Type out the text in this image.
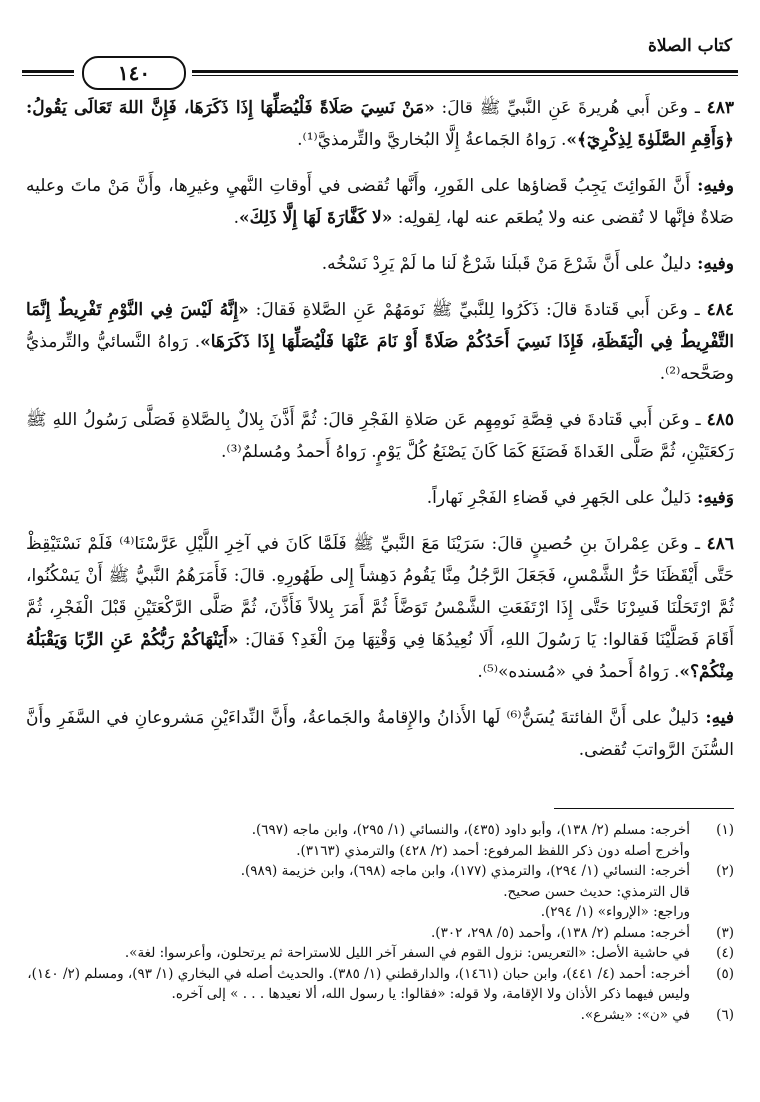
كتاب الصلاة
١٤٠

٤٨٣ ـ وعَن أَبي هُريرةَ عَنِ النَّبيِّ ﷺ قالَ: «مَنْ نَسِيَ صَلَاةً فَلْيُصَلِّهَا إِذَا ذَكَرَهَا، فَإِنَّ اللهَ تَعَالَى يَقُولُ: ﴿وَأَقِمِ الصَّلَوٰةَ لِذِكْرِيٓ﴾». رَواهُ الجَماعةُ إِلَّا البُخاريَّ والتِّرمذيَّ⁽¹⁾.

وفيهِ: أَنَّ الفَوائِتَ يَجِبُ قَضاؤها على الفَورِ، وأَنَّها تُقضى في أَوقاتِ النَّهيِ وغيرِها، وأَنَّ مَنْ ماتَ وعليه صَلاةٌ فإنَّها لا تُقضى عنه ولا يُطعَم عنه لها، لِقولِه: «لا كَفَّارَةَ لَهَا إِلَّا ذَلِكَ».

وفيهِ: دليلٌ على أَنَّ شَرْعَ مَنْ قَبلَنا شَرْعٌ لَنا ما لَمْ يَرِدْ نَسْخُه.

٤٨٤ ـ وعَن أَبي قَتادةَ قالَ: ذَكَرُوا لِلنَّبيِّ ﷺ نَومَهُمْ عَنِ الصَّلاةِ فَقالَ: «إِنَّهُ لَيْسَ فِي النَّوْمِ تَفْرِيطٌ إِنَّمَا التَّفْرِيطُ فِي الْيَقَظَةِ، فَإِذَا نَسِيَ أَحَدُكُمْ صَلَاةً أَوْ نَامَ عَنْهَا فَلْيُصَلِّهَا إِذَا ذَكَرَهَا». رَواهُ النَّسائيُّ والتِّرمذيُّ وصَحَّحه⁽²⁾.

٤٨٥ ـ وعَن أَبي قَتادةَ في قِصَّةِ نَومِهِم عَن صَلاةِ الفَجْرِ قالَ: ثُمَّ أَذَّنَ بِلالٌ بِالصَّلاةِ فَصَلَّى رَسُولُ اللهِ ﷺ رَكعَتَيْنِ، ثُمَّ صَلَّى الغَداةَ فَصَنَعَ كَمَا كَانَ يَصْنَعُ كُلَّ يَوْمٍ. رَواهُ أَحمدُ ومُسلمٌ⁽³⁾.

وَفيهِ: دَليلٌ على الجَهرِ في قَضاءِ الفَجْرِ نَهاراً.

٤٨٦ ـ وعَن عِمْرانَ بنِ حُصينٍ قالَ: سَرَيْنَا مَعَ النَّبيِّ ﷺ فَلَمَّا كَانَ في آخِرِ اللَّيْلِ عَرَّسْنَا⁽⁴⁾ فَلَمْ نَسْتَيْقِظْ حَتَّى أَيْقَظَنَا حَرُّ الشَّمْسِ، فَجَعَلَ الرَّجُلُ مِنَّا يَقُومُ دَهِشاً إِلى طَهُورِهِ. قالَ: فَأَمَرَهُمُ النَّبيُّ ﷺ أَنْ يَسْكُنُوا، ثُمَّ ارْتَحَلْنَا فَسِرْنَا حَتَّى إِذَا ارْتَفَعَتِ الشَّمْسُ تَوَضَّأَ ثُمَّ أَمَرَ بِلالاً فَأَذَّنَ، ثُمَّ صَلَّى الرَّكْعَتَيْنِ قَبْلَ الْفَجْرِ، ثُمَّ أَقَامَ فَصَلَّيْنَا فَقالوا: يَا رَسُولَ اللهِ، أَلَا نُعِيدُهَا فِي وَقْتِهَا مِنَ الْغَدِ؟ فَقالَ: «أَيَنْهَاكُمْ رَبُّكُمْ عَنِ الرِّبَا وَيَقْبَلُهُ مِنْكُمْ؟». رَواهُ أَحمدُ في «مُسنده»⁽⁵⁾.

فيهِ: دَليلٌ على أَنَّ الفائتةَ يُسَنُّ⁽⁶⁾ لَها الأَذانُ والإِقامةُ والجَماعةُ، وأَنَّ النِّداءَيْنِ مَشروعانِ في السَّفَرِ وأَنَّ السُّنَنَ الرَّواتبَ تُقضى.

(١)
أخرجه: مسلم (٢/ ١٣٨)، وأبو داود (٤٣٥)، والنسائي (١/ ٢٩٥)، وابن ماجه (٦٩٧).
وأخرج أصله دون ذكر اللفظ المرفوع: أحمد (٢/ ٤٢٨) والترمذي (٣١٦٣).
(٢)
أخرجه: النسائي (١/ ٢٩٤)، والترمذي (١٧٧)، وابن ماجه (٦٩٨)، وابن خزيمة (٩٨٩).
قال الترمذي: حديث حسن صحيح.
وراجع: «الإرواء» (١/ ٢٩٤).
(٣)
أخرجه: مسلم (٢/ ١٣٨)، وأحمد (٥/ ٢٩٨، ٣٠٢).
(٤)
في حاشية الأصل: «التعريس: نزول القوم في السفر آخر الليل للاستراحة ثم يرتحلون، وأعرسوا: لغة».
(٥)
أخرجه: أحمد (٤/ ٤٤١)، وابن حبان (١٤٦١)، والدارقطني (١/ ٣٨٥). والحديث أصله في البخاري (١/ ٩٣)، ومسلم (٢/ ١٤٠)، وليس فيهما ذكر الأذان ولا الإقامة، ولا قوله: «فقالوا: يا رسول الله، ألا نعيدها . . . » إلى آخره.
(٦)
في «ن»: «يشرع».
